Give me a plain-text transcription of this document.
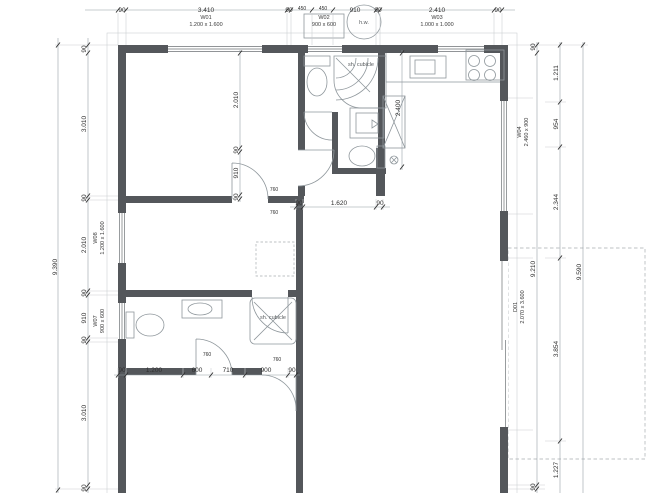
90	3.410	90 450	450	910 90	2.410	90
W01
1.200 x 1.600
W02
900 x 600
W03
1.000 x 1.000
h.w.
9.390
90
3.010
90
2.010
90
910
90
3.010
90
W08 1.200 x 1.600
W07 900 x 600
90
9.210
90
1.211
954
2.344
3.854
1.227
9.590
W04 2.460 x 900
D01 2.070 x 3.600
2.010
90
910
90
90	1.620	90
2.400
90	1.200	600	710	900	90
760
760
760
760
sh. cubicle
sh. cubicle
